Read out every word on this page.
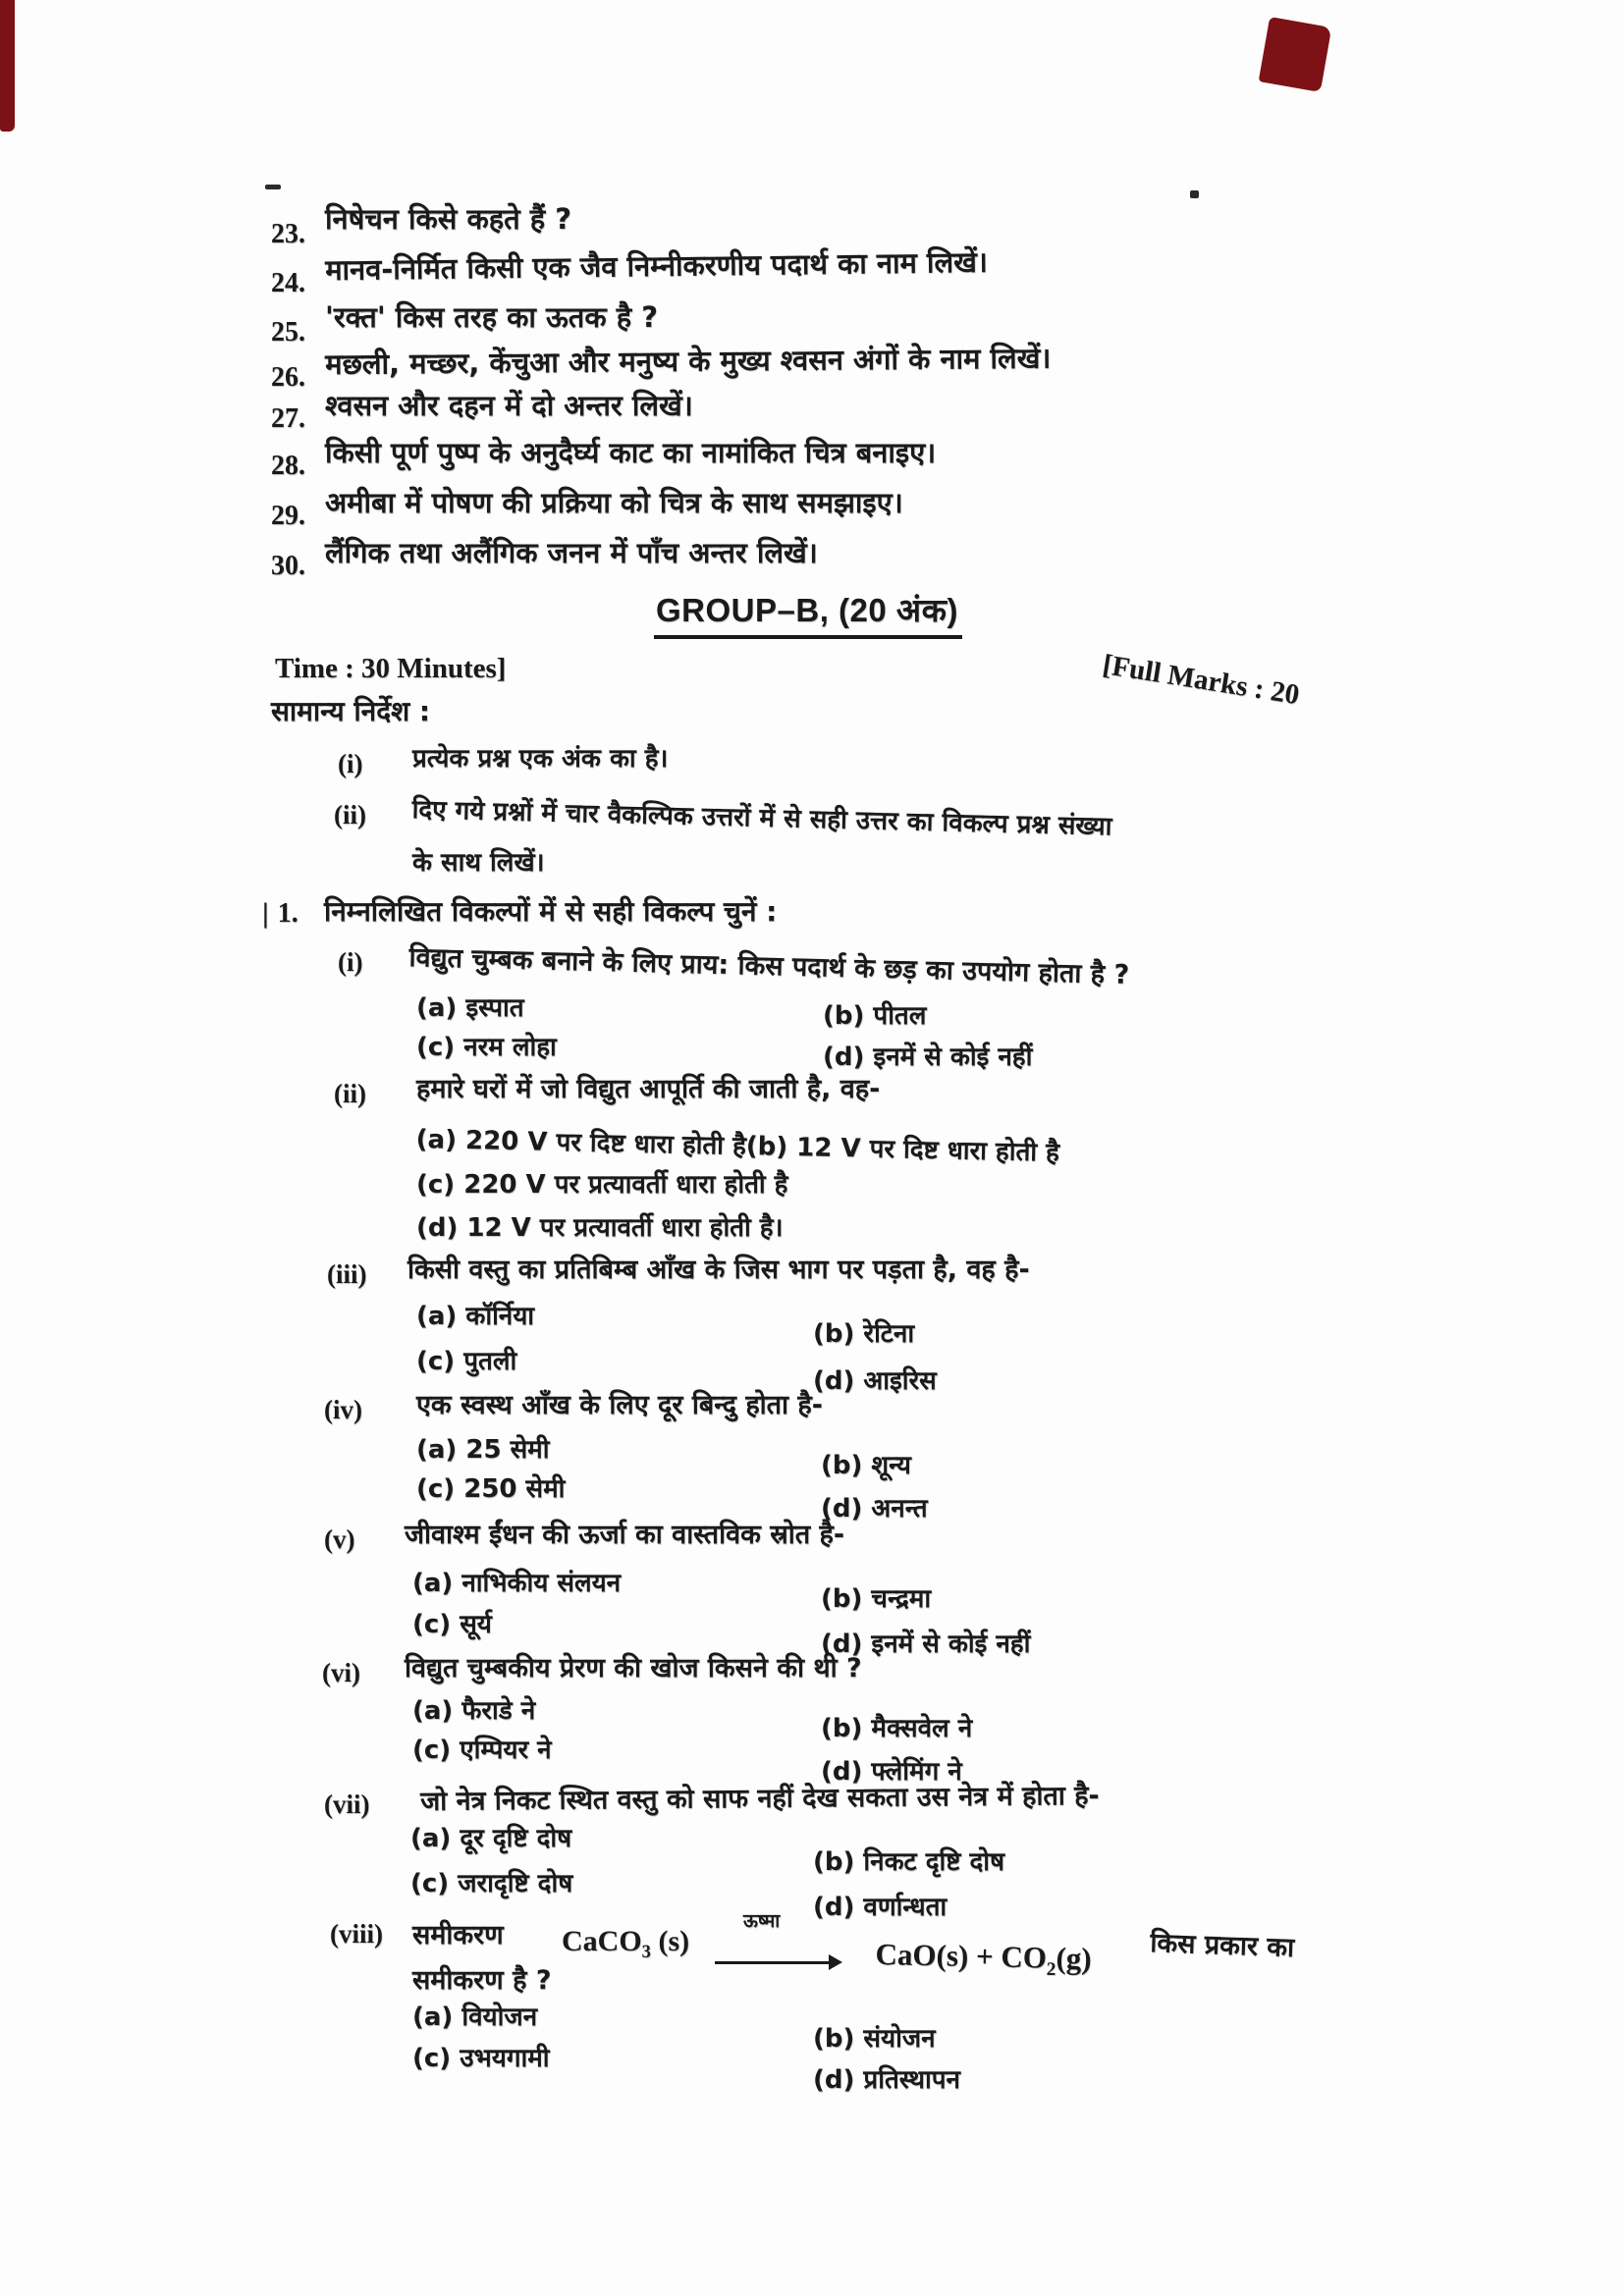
23. निषेचन किसे कहते हैं ?
24. मानव-निर्मित किसी एक जैव निम्नीकरणीय पदार्थ का नाम लिखें।
25. 'रक्त' किस तरह का ऊतक है ?
26. मछली, मच्छर, केंचुआ और मनुष्य के मुख्य श्वसन अंगों के नाम लिखें।
27. श्वसन और दहन में दो अन्तर लिखें।
28. किसी पूर्ण पुष्प के अनुदैर्घ्य काट का नामांकित चित्र बनाइए।
29. अमीबा में पोषण की प्रक्रिया को चित्र के साथ समझाइए।
30. लैंगिक तथा अलैंगिक जनन में पाँच अन्तर लिखें।
GROUP–B, (20 अंक)
Time : 30 Minutes]	[Full Marks : 20
सामान्य निर्देश :
(i) प्रत्येक प्रश्न एक अंक का है।
(ii) दिए गये प्रश्नों में चार वैकल्पिक उत्तरों में से सही उत्तर का विकल्प प्रश्न संख्या
के साथ लिखें।
| 1. निम्नलिखित विकल्पों में से सही विकल्प चुनें :
(i) विद्युत चुम्बक बनाने के लिए प्राय: किस पदार्थ के छड़ का उपयोग होता है ?
(a) इस्पात	(b) पीतल
(c) नरम लोहा	(d) इनमें से कोई नहीं
(ii) हमारे घरों में जो विद्युत आपूर्ति की जाती है, वह-
(a) 220 V पर दिष्ट धारा होती है(b) 12 V पर दिष्ट धारा होती है
(c) 220 V पर प्रत्यावर्ती धारा होती है
(d) 12 V पर प्रत्यावर्ती धारा होती है।
(iii) किसी वस्तु का प्रतिबिम्ब आँख के जिस भाग पर पड़ता है, वह है-
(a) कॉर्निया
(b) रेटिना
(c) पुतली
(d) आइरिस
(iv) एक स्वस्थ आँख के लिए दूर बिन्दु होता है-
(a) 25 सेमी
(b) शून्य
(c) 250 सेमी
(d) अनन्त
(v) जीवाश्म ईंधन की ऊर्जा का वास्तविक स्रोत है-
(a) नाभिकीय संलयन
(b) चन्द्रमा
(c) सूर्य
(d) इनमें से कोई नहीं
(vi) विद्युत चुम्बकीय प्रेरण की खोज किसने की थी ?
(a) फैराडे ने
(b) मैक्सवेल ने
(c) एम्पियर ने
(d) फ्लेमिंग ने
(vii) जो नेत्र निकट स्थित वस्तु को साफ नहीं देख सकता उस नेत्र में होता है-
(a) दूर दृष्टि दोष
(b) निकट दृष्टि दोष
(c) जरादृष्टि दोष
(d) वर्णान्धता
(viii) समीकरण CaCO$_3$ (s)
ऊष्मा
$CaO(s) + CO_2(g)$ किस प्रकार का
समीकरण है ?
(a) वियोजन
(b) संयोजन
(c) उभयगामी
(d) प्रतिस्थापन
